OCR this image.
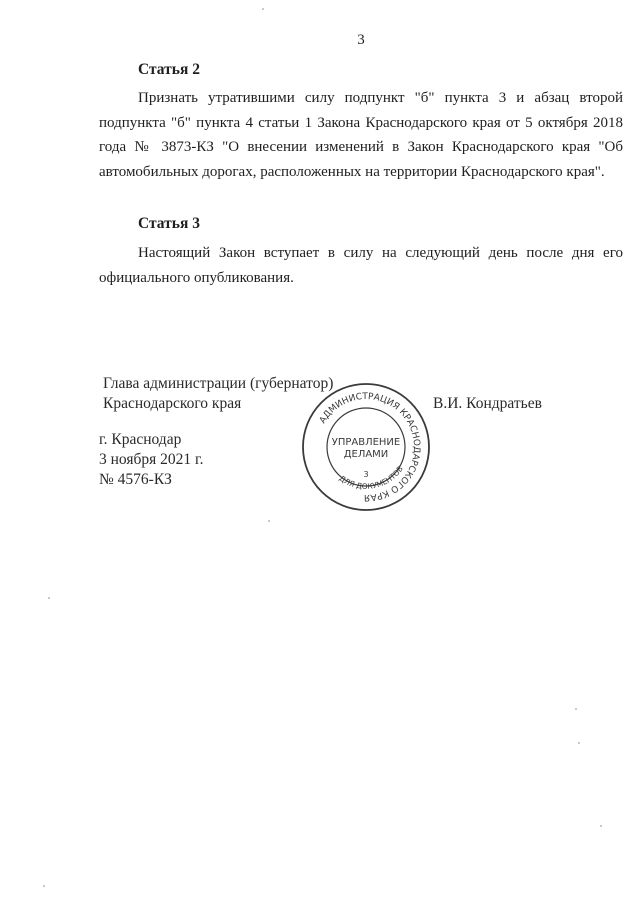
3
Статья 2

Признать утратившими силу подпункт "б" пункта 3 и абзац второй подпункта "б" пункта 4 статьи 1 Закона Краснодарского края от 5 октября 2018 года № 3873-КЗ "О внесении изменений в Закон Краснодарского края "Об автомобильных дорогах, расположенных на территории Краснодарского края".

Статья 3

Настоящий Закон вступает в силу на следующий день после дня его официального опубликования.

Глава администрации (губернатор)
Краснодарского края	В.И. Кондратьев
г. Краснодар
3 ноября 2021 г.
№ 4576-КЗ
АДМИНИСТРАЦИЯ КРАСНОДАРСКОГО КРАЯ
ДЛЯ ДОКУМЕНТОВ
УПРАВЛЕНИЕ
ДЕЛАМИ
3
